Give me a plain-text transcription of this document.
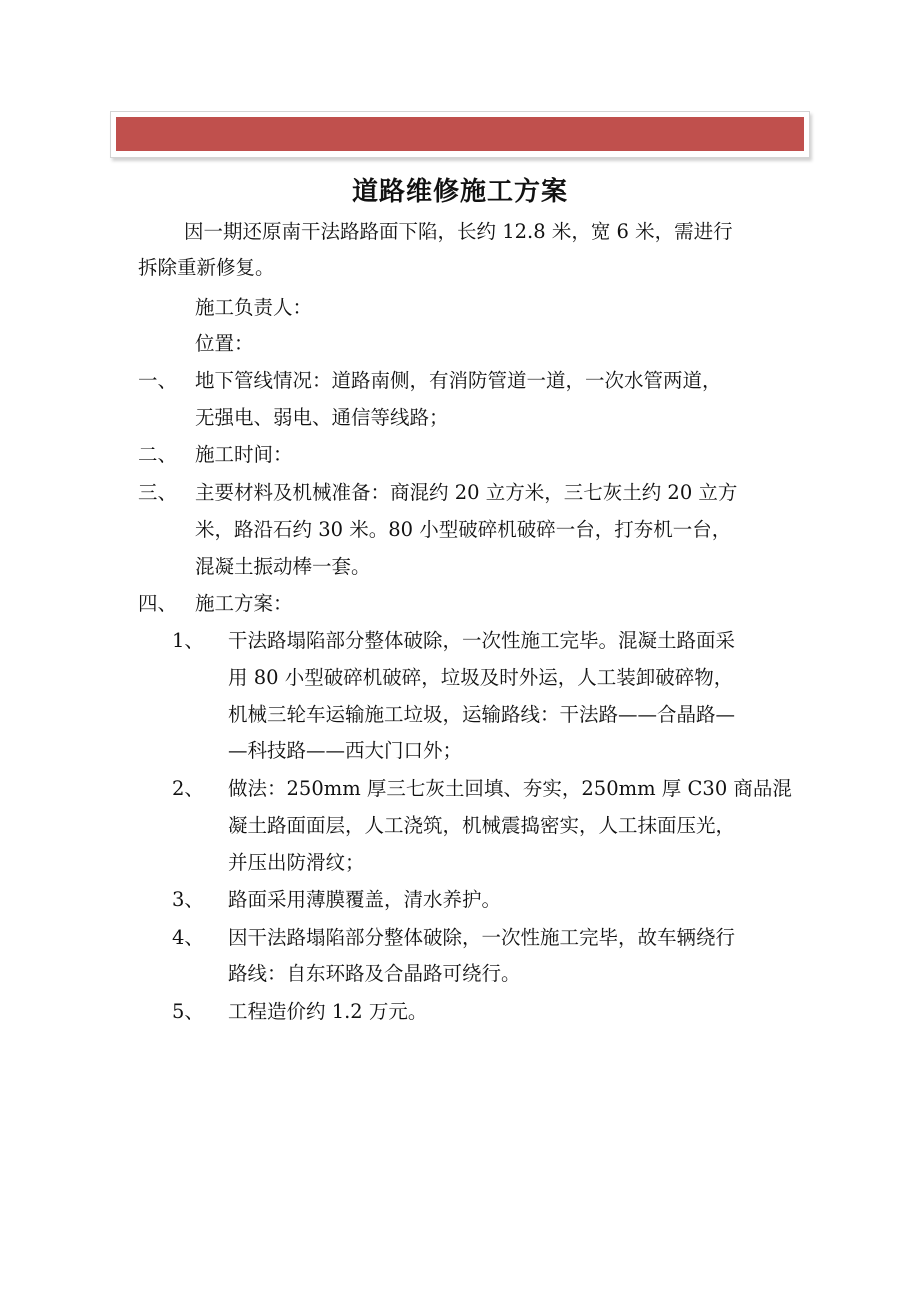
道路维修施工方案
因一期还原南干法路路面下陷，长约 12.8 米，宽 6 米，需进行
拆除重新修复。
施工负责人：
位置：
一、 地下管线情况：道路南侧，有消防管道一道，一次水管两道，
无强电、弱电、通信等线路；
二、 施工时间：
三、 主要材料及机械准备：商混约 20 立方米，三七灰土约 20 立方
米，路沿石约 30 米。80 小型破碎机破碎一台，打夯机一台，
混凝土振动棒一套。
四、 施工方案：
1、 干法路塌陷部分整体破除，一次性施工完毕。混凝土路面采
用 80 小型破碎机破碎，垃圾及时外运，人工装卸破碎物，
机械三轮车运输施工垃圾，运输路线：干法路——合晶路—
—科技路——西大门口外；
2、 做法：250mm 厚三七灰土回填、夯实，250mm 厚 C30 商品混
凝土路面面层，人工浇筑，机械震捣密实，人工抹面压光，
并压出防滑纹；
3、 路面采用薄膜覆盖，清水养护。
4、 因干法路塌陷部分整体破除，一次性施工完毕，故车辆绕行
路线：自东环路及合晶路可绕行。
5、 工程造价约 1.2 万元。
